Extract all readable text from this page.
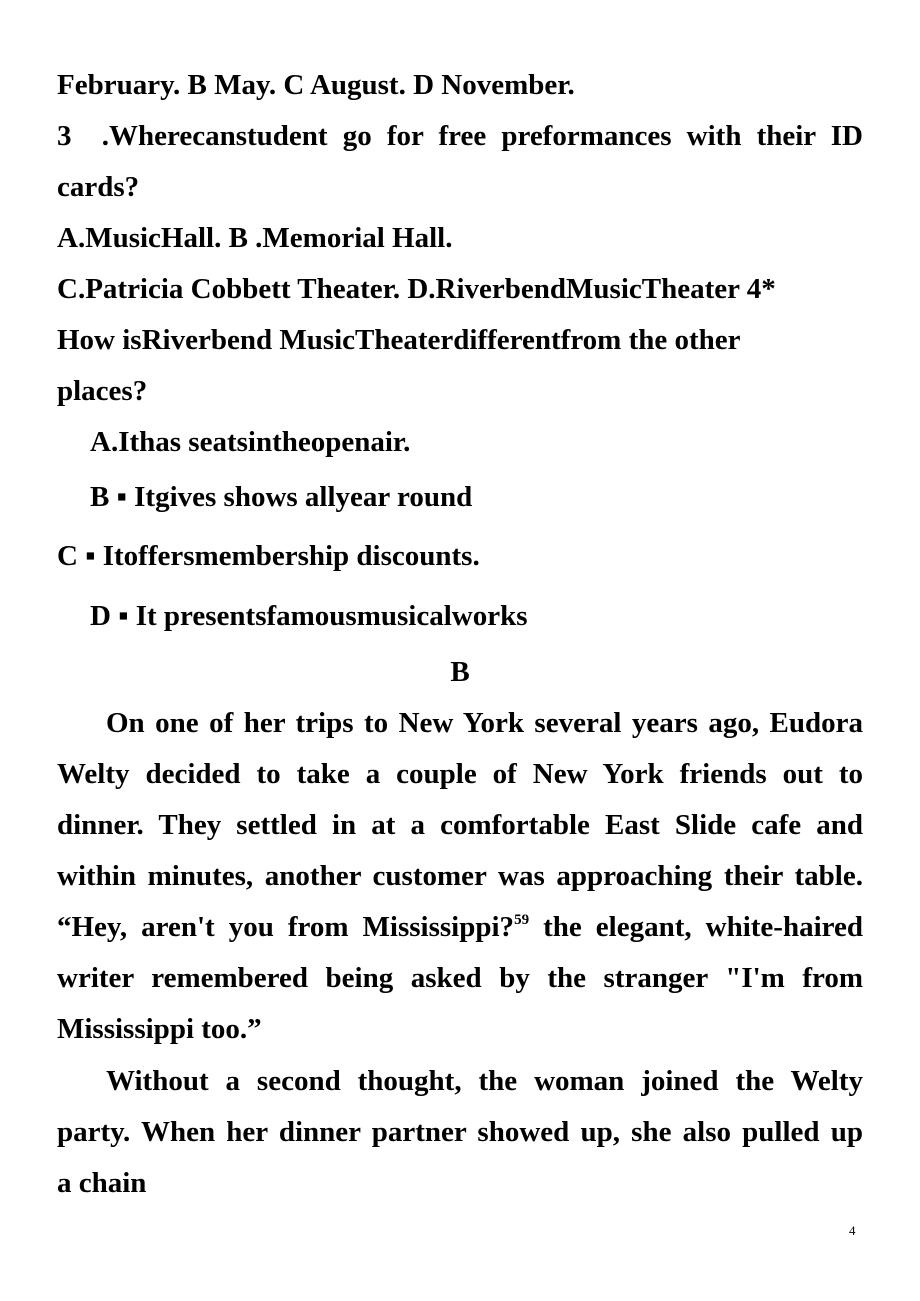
February. B May. C August. D November.
3  .Wherecanstudent go for free preformances with their ID
cards?
A.MusicHall. B .Memorial Hall.
C.Patricia Cobbett Theater. D.RiverbendMusicTheater 4*
How isRiverbend MusicTheaterdifferentfrom the other
places?
A.Ithas seatsintheopenair.
B ▪ Itgives shows allyear round
C ▪ Itoffersmembership discounts.
D ▪ It presentsfamousmusicalworks
B
On one of her trips to New York several years ago, Eudora
Welty decided to take a couple of New York friends out to
dinner. They settled in at a comfortable East Slide cafe and
within minutes, another customer was approaching their table.
“Hey, aren't you from Mississippi?$^{59}$ the elegant, white-haired
writer remembered being asked by the stranger "I'm from
Mississippi too.”
Without a second thought, the woman joined the Welty
party. When her dinner partner showed up, she also pulled up
a chain
4
